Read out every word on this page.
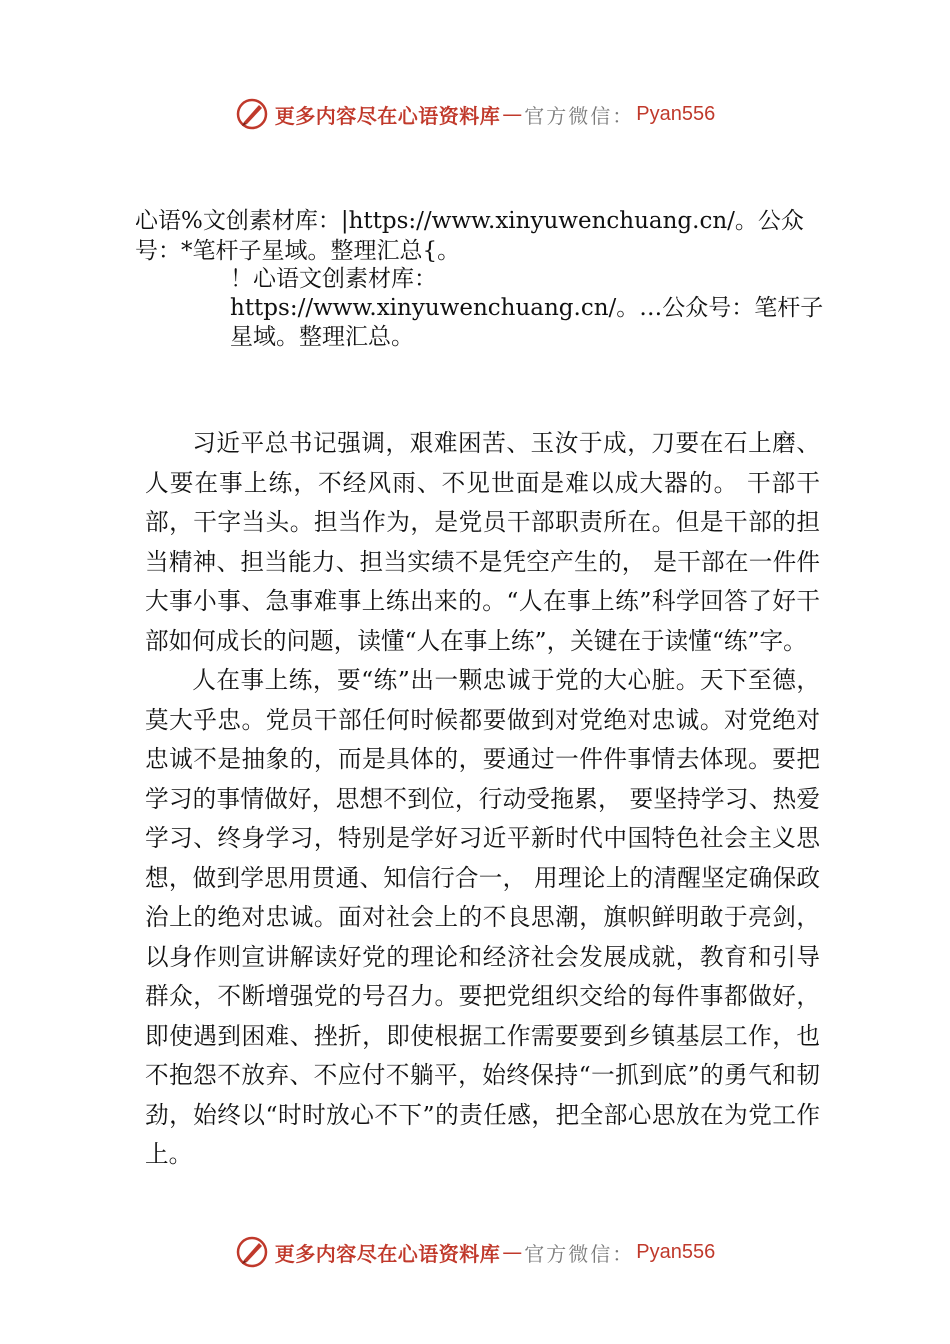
更多内容尽在心语资料库 — 官方微信： Pyan556
心语%文创素材库：|https://www.xinyuwenchuang.cn/。公众号：*笔杆子星域。整理汇总{。
！心语文创素材库：https://www.xinyuwenchuang.cn/。…公众号：笔杆子星域。整理汇总。

习近平总书记强调，艰难困苦、玉汝于成，刀要在石上磨、人要在事上练，不经风雨、不见世面是难以成大器的。 干部干部，干字当头。担当作为，是党员干部职责所在。但是干部的担当精神、担当能力、担当实绩不是凭空产生的， 是干部在一件件大事小事、急事难事上练出来的。“人在事上练”科学回答了好干部如何成长的问题，读懂“人在事上练”，关键在于读懂“练”字。

人在事上练，要“练”出一颗忠诚于党的大心脏。天下至德，莫大乎忠。党员干部任何时候都要做到对党绝对忠诚。对党绝对忠诚不是抽象的，而是具体的，要通过一件件事情去体现。要把学习的事情做好，思想不到位，行动受拖累， 要坚持学习、热爱学习、终身学习，特别是学好习近平新时代中国特色社会主义思想，做到学思用贯通、知信行合一， 用理论上的清醒坚定确保政治上的绝对忠诚。面对社会上的不良思潮，旗帜鲜明敢于亮剑，以身作则宣讲解读好党的理论和经济社会发展成就，教育和引导群众，不断增强党的号召力。要把党组织交给的每件事都做好，即使遇到困难、挫折，即使根据工作需要要到乡镇基层工作，也不抱怨不放弃、不应付不躺平，始终保持“一抓到底”的勇气和韧劲，始终以“时时放心不下”的责任感，把全部心思放在为党工作上。

更多内容尽在心语资料库 — 官方微信： Pyan556
